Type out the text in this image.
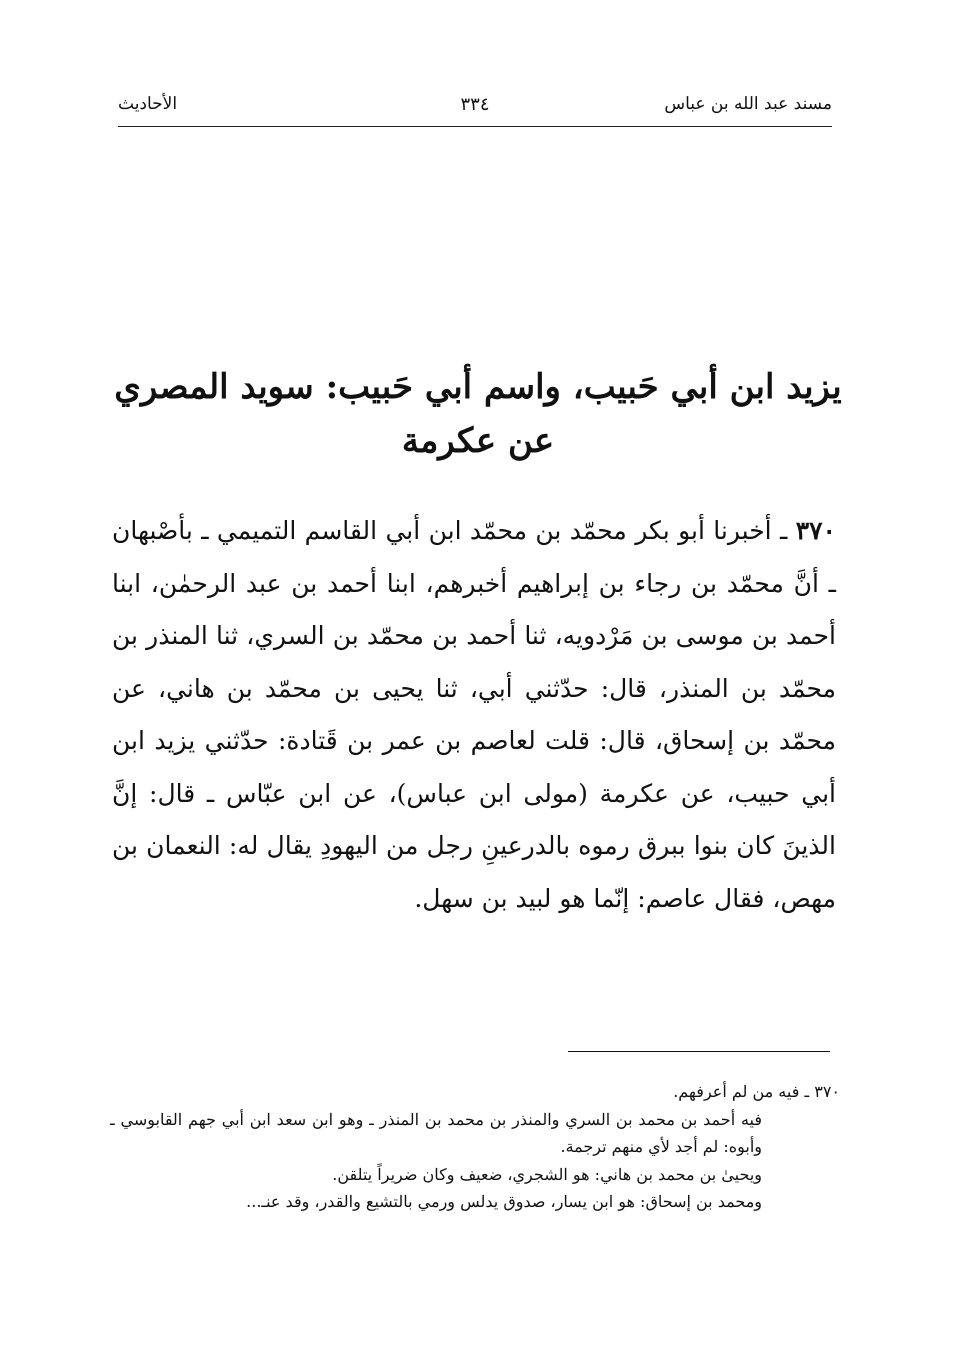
مسند عبد الله بن عباس
٣٣٤
الأحاديث
يزيد ابن أبي حَبيب، واسم أبي حَبيب: سويد المصري عن عكرمة
٣٧٠ ـ أخبرنا أبو بكر محمّد بن محمّد ابن أبي القاسم التميمي ـ بأصْبهان ـ أنَّ محمّد بن رجاء بن إبراهيم أخبرهم، ابنا أحمد بن عبد الرحمٰن، ابنا أحمد بن موسى بن مَرْدويه، ثنا أحمد بن محمّد بن السري، ثنا المنذر بن محمّد بن المنذر، قال: حدّثني أبي، ثنا يحيى بن محمّد بن هاني، عن محمّد بن إسحاق، قال: قلت لعاصم بن عمر بن قَتادة: حدّثني يزيد ابن أبي حبيب، عن عكرمة (مولى ابن عباس)، عن ابن عبّاس ـ قال: إنَّ الذينَ كان بنوا ببرق رموه بالدرعينِ رجل من اليهودِ يقال له: النعمان بن مهص، فقال عاصم: إنّما هو لبيد بن سهل.
٣٧٠ ـ فيه من لم أعرفهم.
فيه أحمد بن محمد بن السري والمنذر بن محمد بن المنذر ـ وهو ابن سعد ابن أبي جهم القابوسي ـ وأبوه: لم أجد لأي منهم ترجمة.
ويحيىٰ بن محمد بن هاني: هو الشجري، ضعيف وكان ضريراً يتلقن.
ومحمد بن إسحاق: هو ابن يسار، صدوق يدلس ورمي بالتشيع والقدر، وقد عنـ...
